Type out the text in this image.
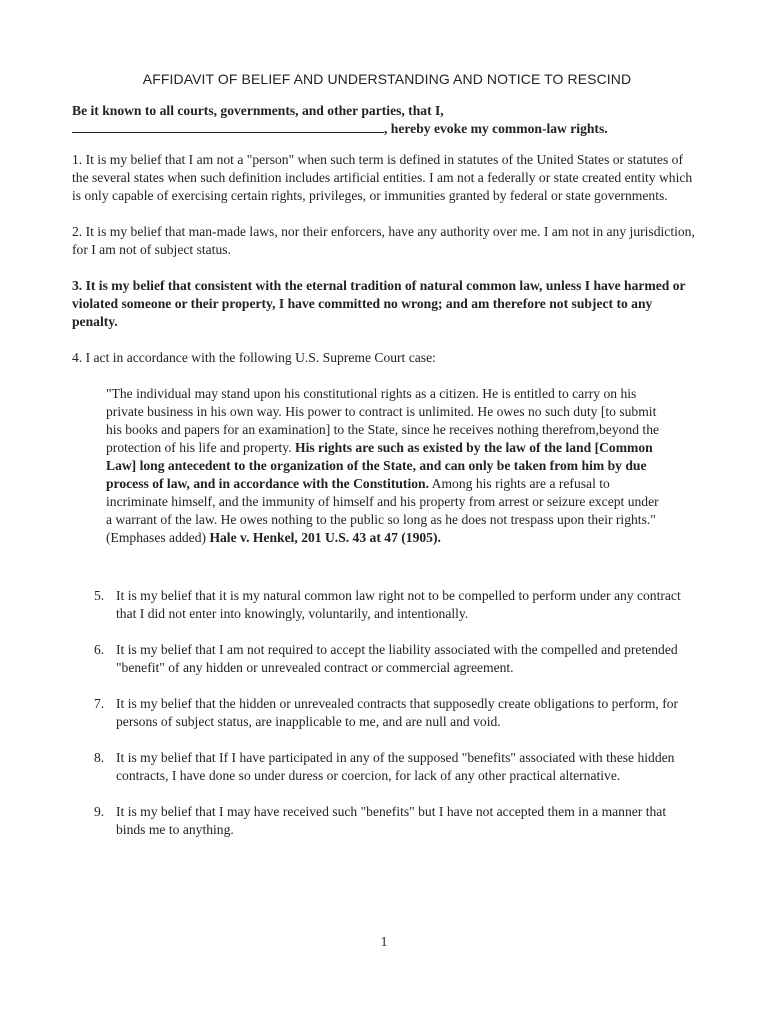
AFFIDAVIT OF BELIEF AND UNDERSTANDING AND NOTICE TO RESCIND
Be it known to all courts, governments, and other parties, that I,
, hereby evoke my common-law rights.

1. It is my belief that I am not a "person" when such term is defined in statutes of the United States or statutes of the several states when such definition includes artificial entities. I am not a federally or state created entity which is only capable of exercising certain rights, privileges, or immunities granted by federal or state governments.

2. It is my belief that man-made laws, nor their enforcers, have any authority over me. I am not in any jurisdiction, for I am not of subject status.

3. It is my belief that consistent with the eternal tradition of natural common law, unless I have harmed or violated someone or their property, I have committed no wrong; and am therefore not subject to any penalty.

4. I act in accordance with the following U.S. Supreme Court case:

"The individual may stand upon his constitutional rights as a citizen. He is entitled to carry on his private business in his own way. His power to contract is unlimited. He owes no such duty [to submit his books and papers for an examination] to the State, since he receives nothing therefrom,beyond the protection of his life and property. His rights are such as existed by the law of the land [Common Law] long antecedent to the organization of the State, and can only be taken from him by due process of law, and in accordance with the Constitution. Among his rights are a refusal to incriminate himself, and the immunity of himself and his property from arrest or seizure except under a warrant of the law. He owes nothing to the public so long as he does not trespass upon their rights."(Emphases added) Hale v. Henkel, 201 U.S. 43 at 47 (1905).
5. It is my belief that it is my natural common law right not to be compelled to perform under any contract that I did not enter into knowingly, voluntarily, and intentionally.
6. It is my belief that I am not required to accept the liability associated with the compelled and pretended "benefit" of any hidden or unrevealed contract or commercial agreement.
7. It is my belief that the hidden or unrevealed contracts that supposedly create obligations to perform, for persons of subject status, are inapplicable to me, and are null and void.
8. It is my belief that If I have participated in any of the supposed "benefits" associated with these hidden contracts, I have done so under duress or coercion, for lack of any other practical alternative.
9. It is my belief that I may have received such "benefits" but I have not accepted them in a manner that binds me to anything.
1
